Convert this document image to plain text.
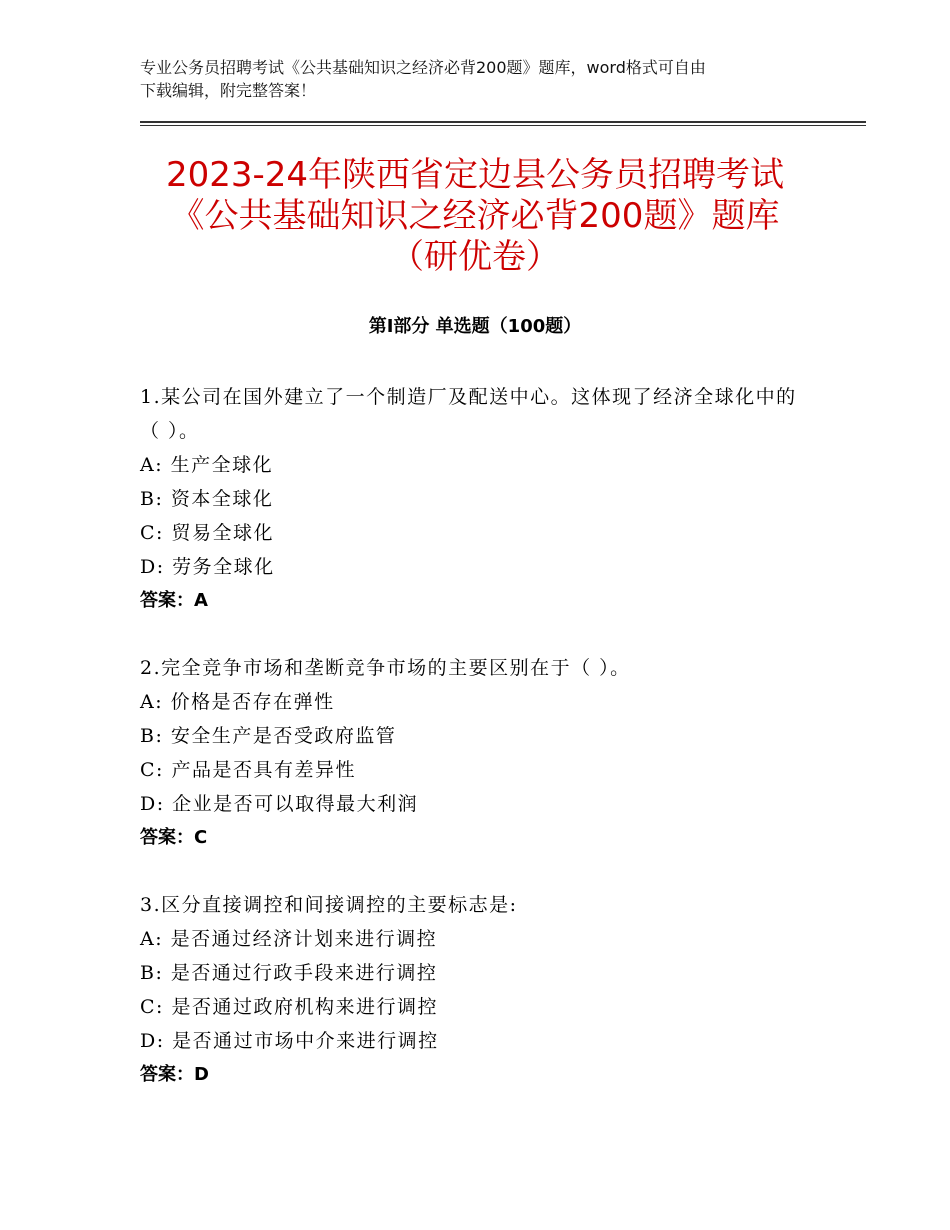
专业公务员招聘考试《公共基础知识之经济必背200题》题库，word格式可自由
下载编辑，附完整答案！
2023-24年陕西省定边县公务员招聘考试
《公共基础知识之经济必背200题》题库
（研优卷）
第Ⅰ部分 单选题（100题）

1.某公司在国外建立了一个制造厂及配送中心。这体现了经济全球化中的（ ）。

A: 生产全球化

B: 资本全球化

C: 贸易全球化

D: 劳务全球化

答案：A

2.完全竞争市场和垄断竞争市场的主要区别在于（ ）。

A: 价格是否存在弹性

B: 安全生产是否受政府监管

C: 产品是否具有差异性

D: 企业是否可以取得最大利润

答案：C

3.区分直接调控和间接调控的主要标志是:

A: 是否通过经济计划来进行调控

B: 是否通过行政手段来进行调控

C: 是否通过政府机构来进行调控

D: 是否通过市场中介来进行调控

答案：D
